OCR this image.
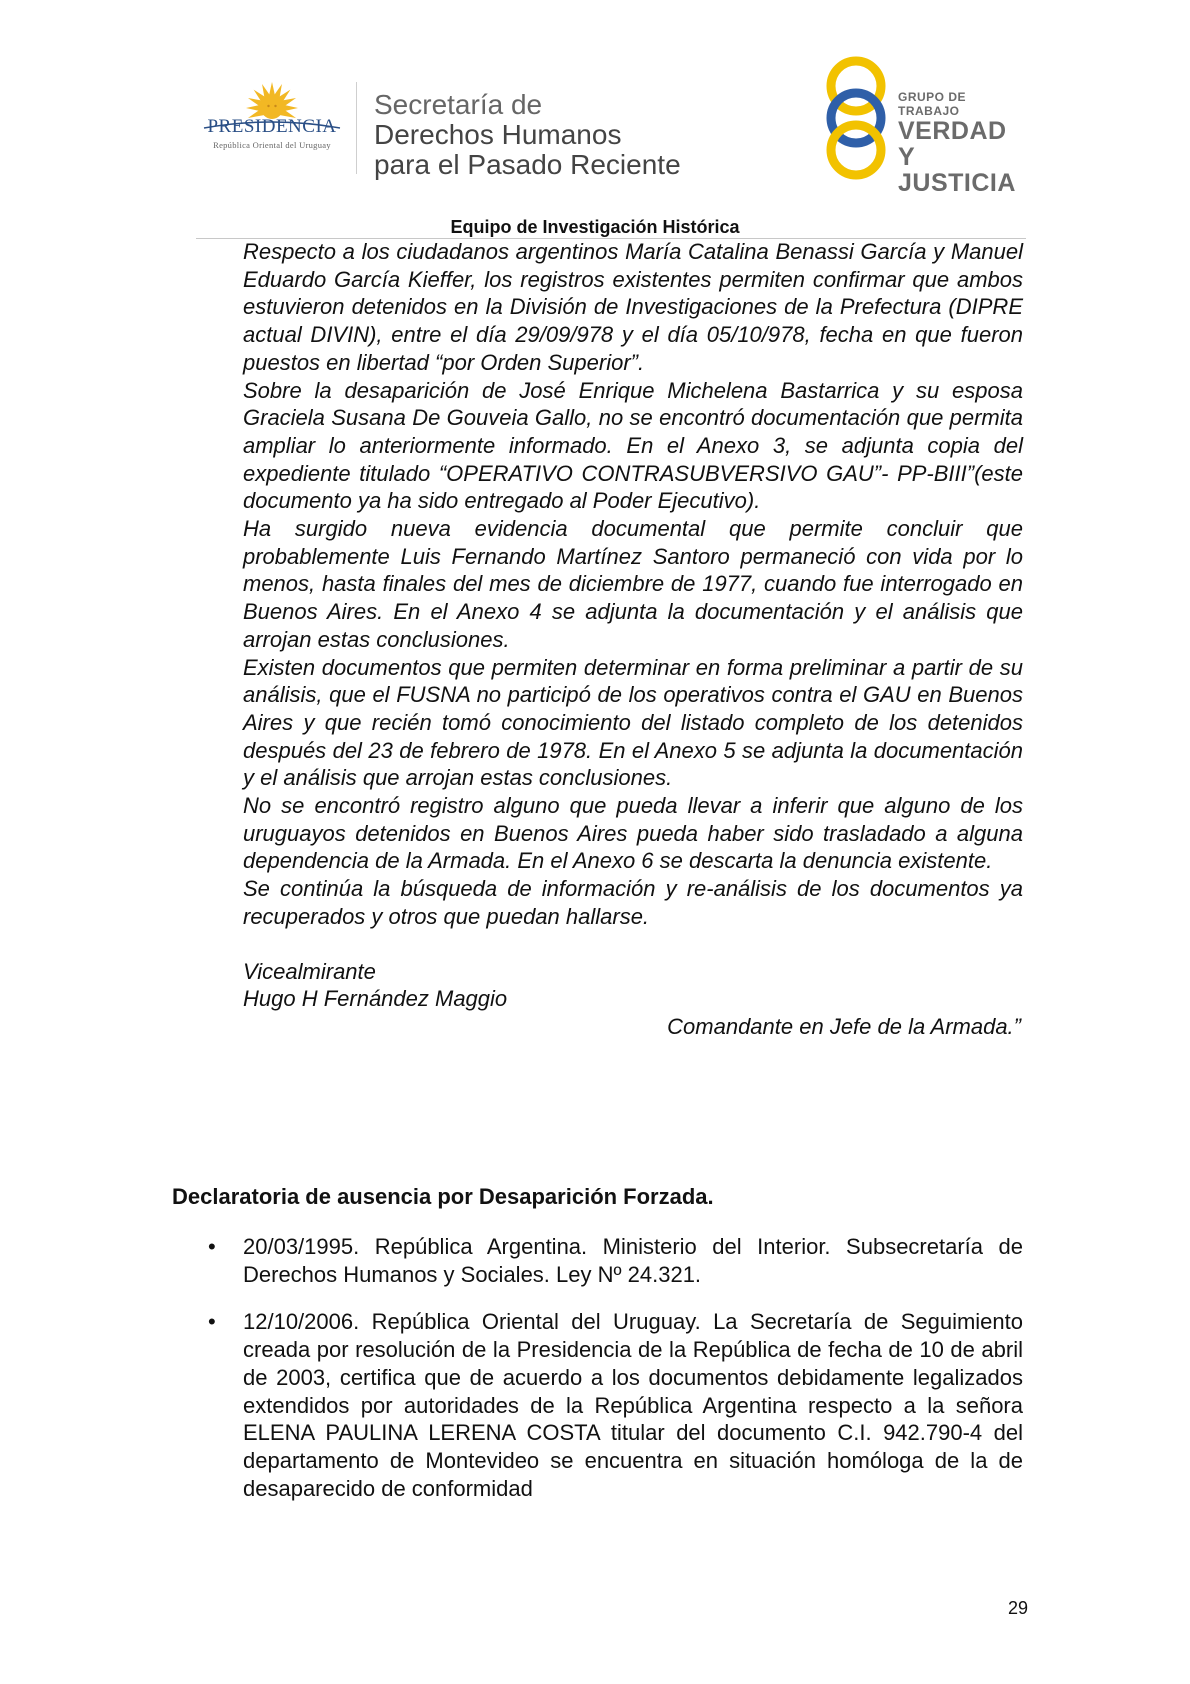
PRESIDENCIA
República Oriental del Uruguay
Secretaría de
Derechos Humanos
para el Pasado Reciente
GRUPO DE TRABAJO
VERDAD Y
JUSTICIA
Equipo de Investigación Histórica

Respecto a los ciudadanos argentinos María Catalina Benassi García y Manuel Eduardo García Kieffer, los registros existentes permiten confirmar que ambos estuvieron detenidos en la División de Investigaciones de la Prefectura (DIPRE actual DIVIN), entre el día 29/09/978 y el día 05/10/978, fecha en que fueron puestos en libertad “por Orden Superior”.

Sobre la desaparición de José Enrique Michelena Bastarrica y su esposa Graciela Susana De Gouveia Gallo, no se encontró documentación que permita ampliar lo anteriormente informado. En el Anexo 3, se adjunta copia del expediente titulado “OPERATIVO CONTRASUBVERSIVO GAU”- PP-BIII”(este documento ya ha sido entregado al Poder Ejecutivo).

Ha surgido nueva evidencia documental que permite concluir que probablemente Luis Fernando Martínez Santoro permaneció con vida por lo menos, hasta finales del mes de diciembre de 1977, cuando fue interrogado en Buenos Aires. En el Anexo 4 se adjunta la documentación y el análisis que arrojan estas conclusiones.

Existen documentos que permiten determinar en forma preliminar a partir de su análisis, que el FUSNA no participó de los operativos contra el GAU en Buenos Aires y que recién tomó conocimiento del listado completo de los detenidos después del 23 de febrero de 1978. En el Anexo 5 se adjunta la documentación y el análisis que arrojan estas conclusiones.

No se encontró registro alguno que pueda llevar a inferir que alguno de los uruguayos detenidos en Buenos Aires pueda haber sido trasladado a alguna dependencia de la Armada. En el Anexo 6 se descarta la denuncia existente.

Se continúa la búsqueda de información y re-análisis de los documentos ya recuperados y otros que puedan hallarse.

Vicealmirante

Hugo H Fernández Maggio

Comandante en Jefe de la Armada.”

Declaratoria de ausencia por Desaparición Forzada.
• 20/03/1995. República Argentina. Ministerio del Interior. Subsecretaría de Derechos Humanos y Sociales. Ley Nº 24.321.
• 12/10/2006. República Oriental del Uruguay. La Secretaría de Seguimiento creada por resolución de la Presidencia de la República de fecha de 10 de abril de 2003, certifica que de acuerdo a los documentos debidamente legalizados extendidos por autoridades de la República Argentina respecto a la señora ELENA PAULINA LERENA COSTA titular del documento C.I. 942.790-4 del departamento de Montevideo se encuentra en situación homóloga de la de desaparecido de conformidad
29
